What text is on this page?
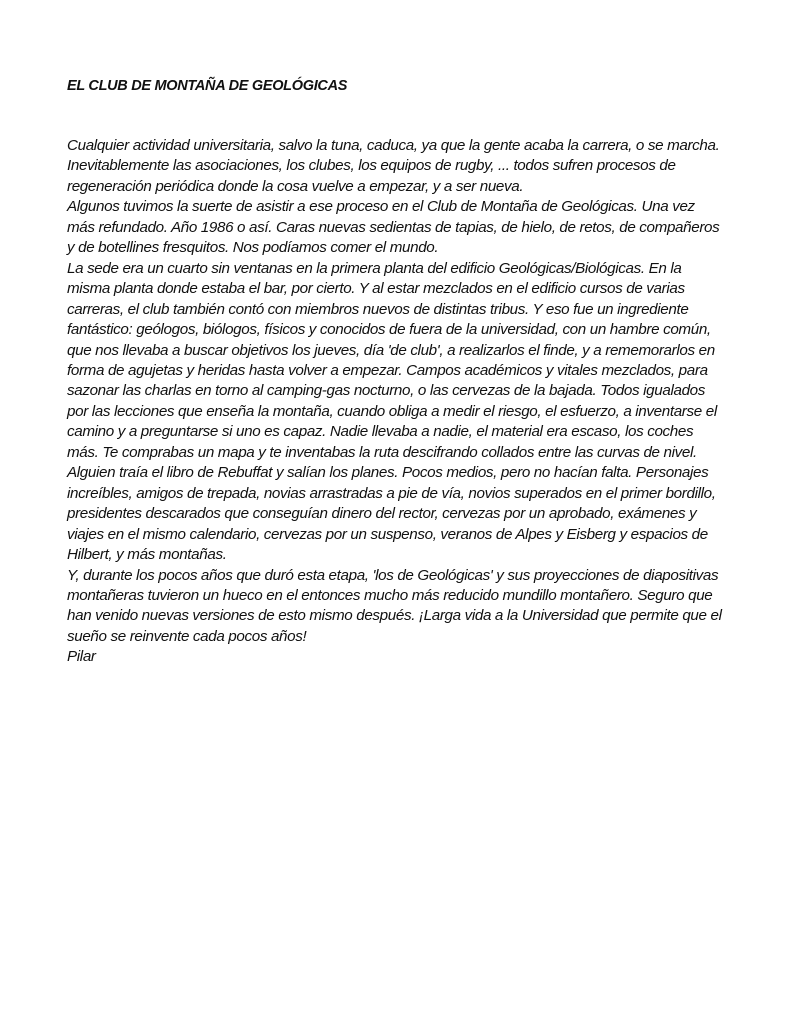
EL CLUB DE MONTAÑA DE GEOLÓGICAS

Cualquier actividad universitaria, salvo la tuna, caduca, ya que la gente acaba la carrera, o se marcha.

Inevitablemente las asociaciones, los clubes, los equipos de rugby, ... todos sufren procesos de regeneración periódica donde la cosa vuelve a empezar, y a ser nueva.

Algunos tuvimos la suerte de asistir a ese proceso en el Club de Montaña de Geológicas. Una vez más refundado. Año 1986 o así. Caras nuevas sedientas de tapias, de hielo, de retos, de compañeros y de botellines fresquitos. Nos podíamos comer el mundo.

La sede era un cuarto sin ventanas en la primera planta del edificio Geológicas/Biológicas. En la misma planta donde estaba el bar, por cierto. Y al estar mezclados en el edificio cursos de varias carreras, el club también contó con miembros nuevos de distintas tribus. Y eso fue un ingrediente fantástico: geólogos, biólogos, físicos y conocidos de fuera de la universidad, con un hambre común, que nos llevaba a buscar objetivos los jueves, día 'de club', a realizarlos el finde, y a rememorarlos en forma de agujetas y heridas hasta volver a empezar. Campos académicos y vitales mezclados, para sazonar las charlas en torno al camping-gas nocturno, o las cervezas de la bajada. Todos igualados por las lecciones que enseña la montaña, cuando obliga a medir el riesgo, el esfuerzo, a inventarse el camino y a preguntarse si uno es capaz. Nadie llevaba a nadie, el material era escaso, los coches más. Te comprabas un mapa y te inventabas la ruta descifrando collados entre las curvas de nivel. Alguien traía el libro de Rebuffat y salían los planes. Pocos medios, pero no hacían falta. Personajes increíbles, amigos de trepada, novias arrastradas a pie de vía, novios superados en el primer bordillo, presidentes descarados que conseguían dinero del rector, cervezas por un aprobado, exámenes y viajes en el mismo calendario, cervezas por un suspenso, veranos de Alpes y Eisberg y espacios de Hilbert, y más montañas.

Y, durante los pocos años que duró esta etapa, 'los de Geológicas' y sus proyecciones de diapositivas montañeras tuvieron un hueco en el entonces mucho más reducido mundillo montañero. Seguro que han venido nuevas versiones de esto mismo después. ¡Larga vida a la Universidad que permite que el sueño se reinvente cada pocos años!

Pilar
